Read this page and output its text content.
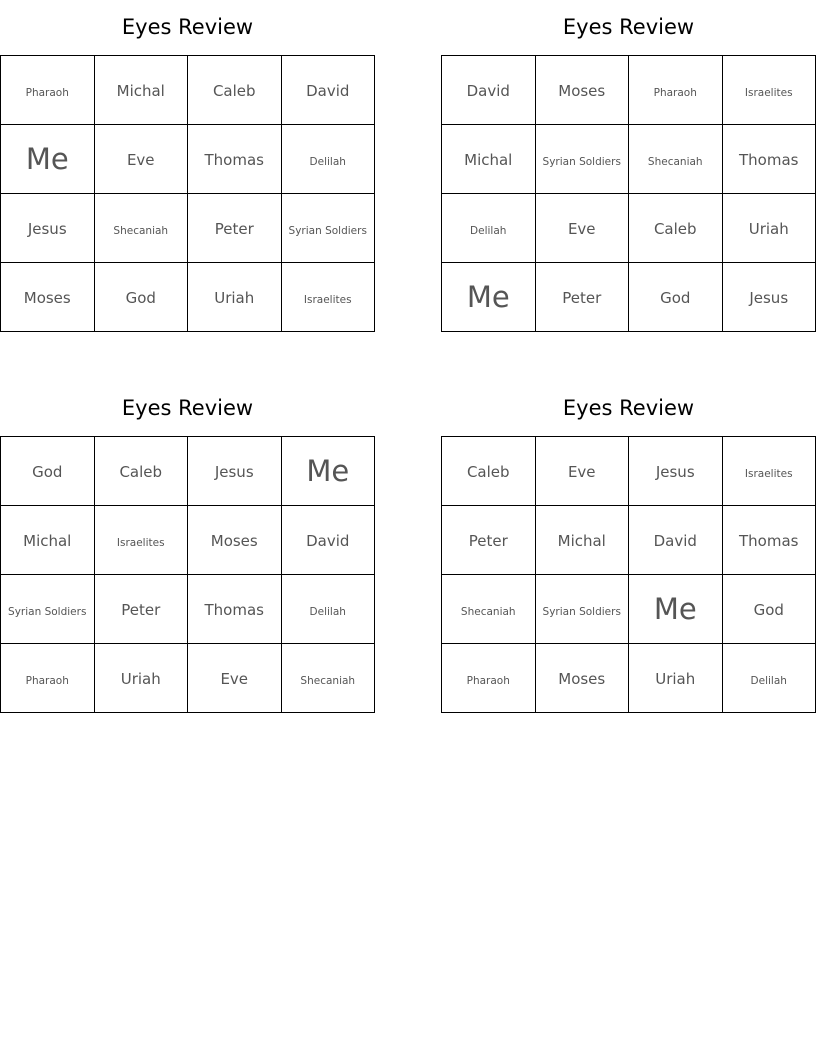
Eyes Review
Pharaoh	Michal	Caleb	David
Me	Eve	Thomas	Delilah
Jesus	Shecaniah	Peter	Syrian Soldiers
Moses	God	Uriah	Israelites
Eyes Review
David	Moses	Pharaoh	Israelites
Michal	Syrian Soldiers	Shecaniah	Thomas
Delilah	Eve	Caleb	Uriah
Me	Peter	God	Jesus
Eyes Review
God	Caleb	Jesus	Me
Michal	Israelites	Moses	David
Syrian Soldiers	Peter	Thomas	Delilah
Pharaoh	Uriah	Eve	Shecaniah
Eyes Review
Caleb	Eve	Jesus	Israelites
Peter	Michal	David	Thomas
Shecaniah	Syrian Soldiers	Me	God
Pharaoh	Moses	Uriah	Delilah
